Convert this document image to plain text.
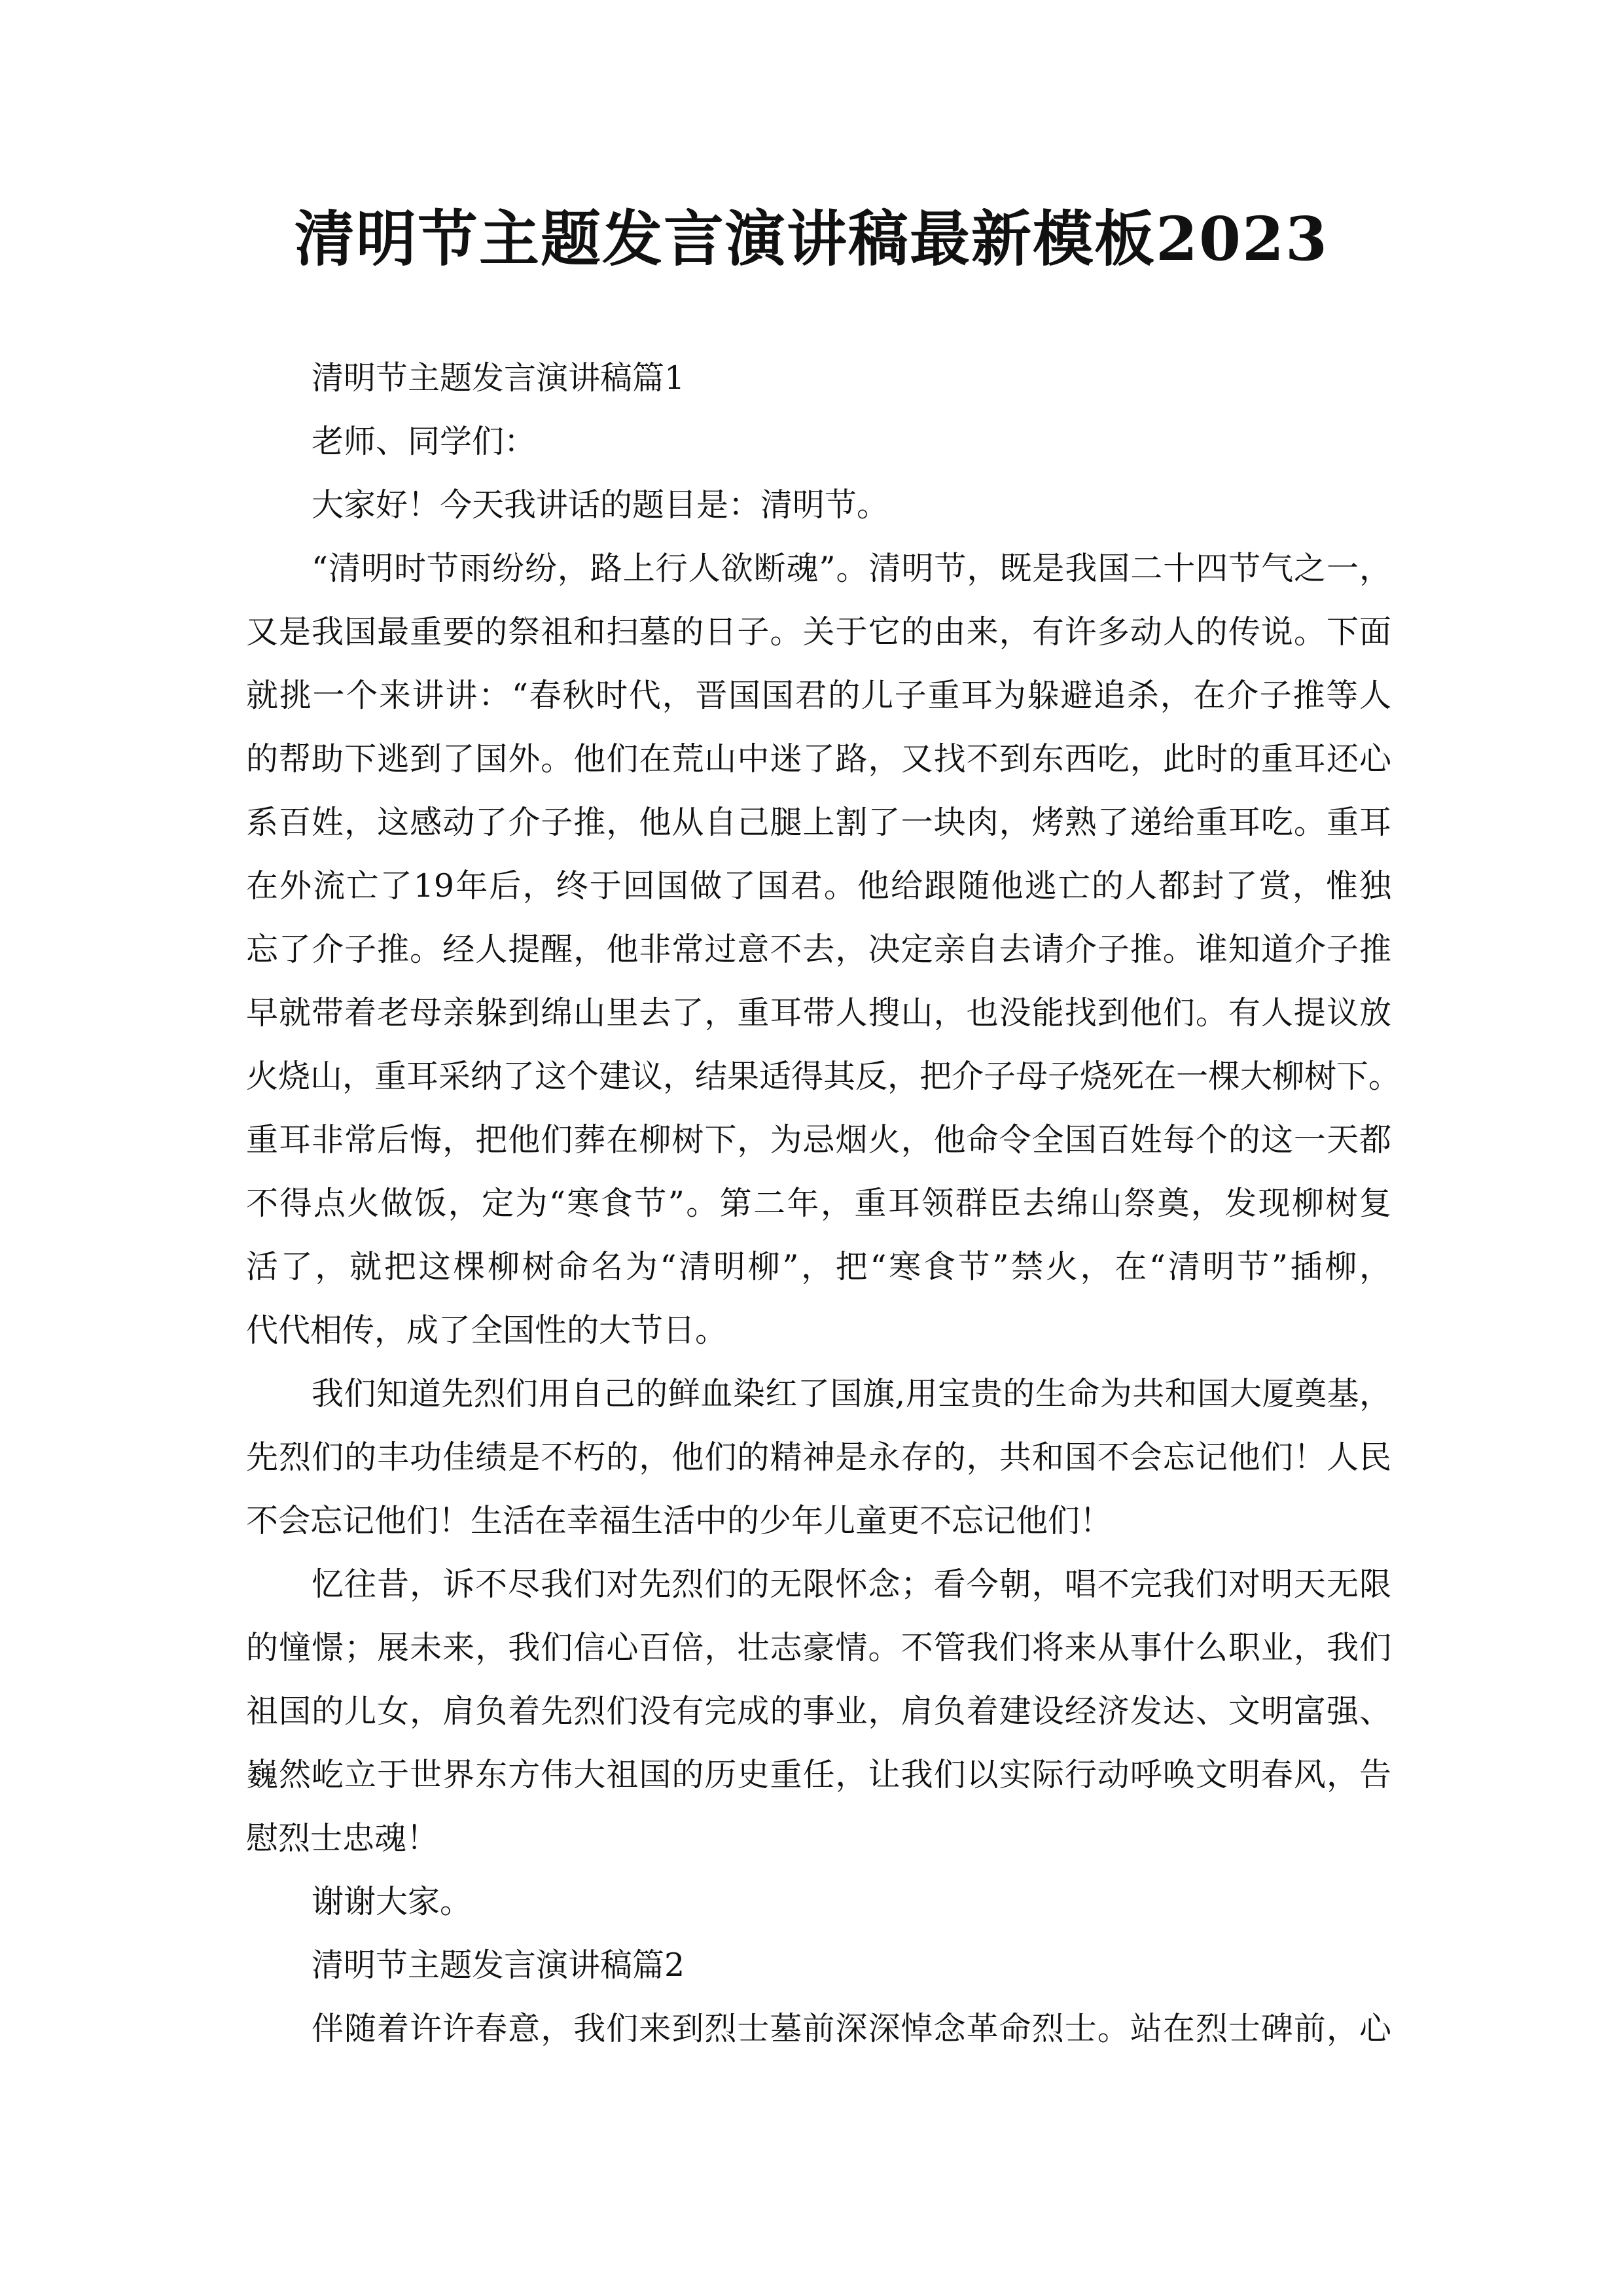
清明节主题发言演讲稿最新模板2023
清明节主题发言演讲稿篇1
老师、同学们：
大家好！今天我讲话的题目是：清明节。
“清明时节雨纷纷，路上行人欲断魂”。清明节，既是我国二十四节气之一，
又是我国最重要的祭祖和扫墓的日子。关于它的由来，有许多动人的传说。下面
就挑一个来讲讲：“春秋时代，晋国国君的儿子重耳为躲避追杀，在介子推等人
的帮助下逃到了国外。他们在荒山中迷了路，又找不到东西吃，此时的重耳还心
系百姓，这感动了介子推，他从自己腿上割了一块肉，烤熟了递给重耳吃。重耳
在外流亡了19年后，终于回国做了国君。他给跟随他逃亡的人都封了赏，惟独
忘了介子推。经人提醒，他非常过意不去，决定亲自去请介子推。谁知道介子推
早就带着老母亲躲到绵山里去了，重耳带人搜山，也没能找到他们。有人提议放
火烧山，重耳采纳了这个建议，结果适得其反，把介子母子烧死在一棵大柳树下。
重耳非常后悔，把他们葬在柳树下，为忌烟火，他命令全国百姓每个的这一天都
不得点火做饭，定为“寒食节”。第二年，重耳领群臣去绵山祭奠，发现柳树复
活了，就把这棵柳树命名为“清明柳”，把“寒食节”禁火，在“清明节”插柳，
代代相传，成了全国性的大节日。
我们知道先烈们用自己的鲜血染红了国旗,用宝贵的生命为共和国大厦奠基，
先烈们的丰功佳绩是不朽的，他们的精神是永存的，共和国不会忘记他们！人民
不会忘记他们！生活在幸福生活中的少年儿童更不忘记他们！
忆往昔，诉不尽我们对先烈们的无限怀念；看今朝，唱不完我们对明天无限
的憧憬；展未来，我们信心百倍，壮志豪情。不管我们将来从事什么职业，我们
祖国的儿女，肩负着先烈们没有完成的事业，肩负着建设经济发达、文明富强、
巍然屹立于世界东方伟大祖国的历史重任，让我们以实际行动呼唤文明春风，告
慰烈士忠魂！
谢谢大家。
清明节主题发言演讲稿篇2
伴随着许许春意，我们来到烈士墓前深深悼念革命烈士。站在烈士碑前，心
